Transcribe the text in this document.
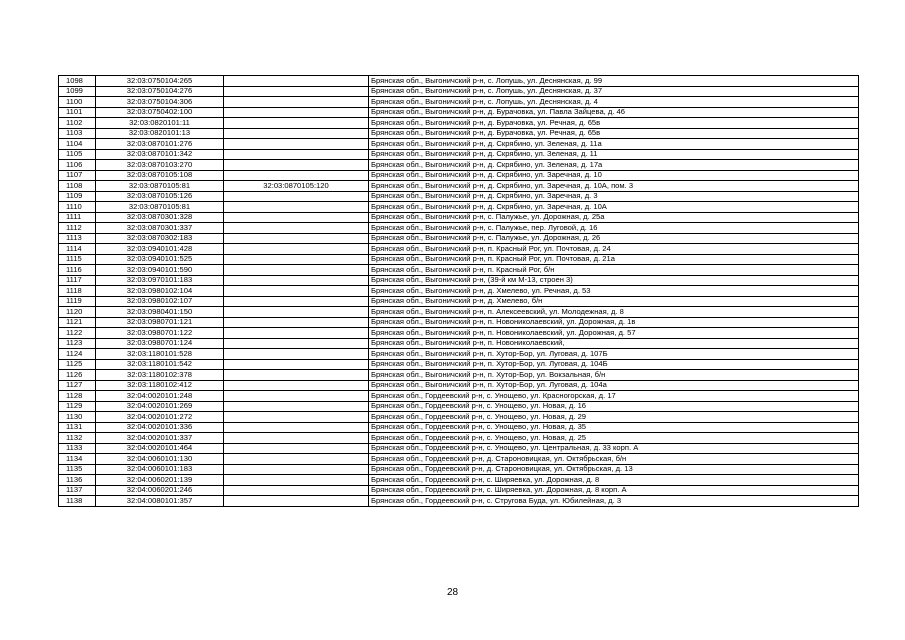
1098	32:03:0750104:265		Брянская обл., Выгоничский р-н, с. Лопушь, ул. Деснянская, д. 99
1099	32:03:0750104:276		Брянская обл., Выгоничский р-н, с. Лопушь, ул. Деснянская, д. 37
1100	32:03:0750104:306		Брянская обл., Выгоничский р-н, с. Лопушь, ул. Деснянская, д. 4
1101	32:03:0750402:100		Брянская обл., Выгоничский р-н, д. Бурачовка, ул. Павла Зайцева, д. 46
1102	32:03:0820101:11		Брянская обл., Выгоничский р-н, д. Бурачовка, ул. Речная, д. 65в
1103	32:03:0820101:13		Брянская обл., Выгоничский р-н, д. Бурачовка, ул. Речная, д. 65в
1104	32:03:0870101:276		Брянская обл., Выгоничский р-н, д. Скрябино, ул. Зеленая, д. 11а
1105	32:03:0870101:342		Брянская обл., Выгоничский р-н, д. Скрябино, ул. Зеленая, д. 11
1106	32:03:0870103:270		Брянская обл., Выгоничский р-н, д. Скрябино, ул. Зеленая, д. 17а
1107	32:03:0870105:108		Брянская обл., Выгоничский р-н, д. Скрябино, ул. Заречная, д. 10
1108	32:03:0870105:81	32:03:0870105:120	Брянская обл., Выгоничский р-н, д. Скрябино, ул. Заречная, д. 10А, пом. 3
1109	32:03:0870105:126		Брянская обл., Выгоничский р-н, д. Скрябино, ул. Заречная, д. 3
1110	32:03:0870105:81		Брянская обл., Выгоничский р-н, д. Скрябино, ул. Заречная, д. 10А
1111	32:03:0870301:328		Брянская обл., Выгоничский р-н, с. Палужье, ул. Дорожная, д. 25а
1112	32:03:0870301:337		Брянская обл., Выгоничский р-н, с. Палужье, пер. Луговой, д. 16
1113	32:03:0870302:183		Брянская обл., Выгоничский р-н, с. Палужье, ул. Дорожная, д. 26
1114	32:03:0940101:428		Брянская обл., Выгоничский р-н, п. Красный Рог, ул. Почтовая, д. 24
1115	32:03:0940101:525		Брянская обл., Выгоничский р-н, п. Красный Рог, ул. Почтовая, д. 21а
1116	32:03:0940101:590		Брянская обл., Выгоничский р-н, п. Красный Рог, б/н
1117	32:03:0970101:183		Брянская обл., Выгоничский р-н, (39-й км М-13, строен 3)
1118	32:03:0980102:104		Брянская обл., Выгоничский р-н, д. Хмелево, ул. Речная, д. 53
1119	32:03:0980102:107		Брянская обл., Выгоничский р-н, д. Хмелево, б/н
1120	32:03:0980401:150		Брянская обл., Выгоничский р-н, п. Алексеевский, ул. Молодежная, д. 8
1121	32:03:0980701:121		Брянская обл., Выгоничский р-н, п. Новониколаевский, ул. Дорожная, д. 1в
1122	32:03:0980701:122		Брянская обл., Выгоничский р-н, п. Новониколаевский, ул. Дорожная, д. 57
1123	32:03:0980701:124		Брянская обл., Выгоничский р-н, п. Новониколаевский,
1124	32:03:1180101:528		Брянская обл., Выгоничский р-н, п. Хутор-Бор, ул. Луговая, д. 107Б
1125	32:03:1180101:542		Брянская обл., Выгоничский р-н, п. Хутор-Бор, ул. Луговая, д. 104Б
1126	32:03:1180102:378		Брянская обл., Выгоничский р-н, п. Хутор-Бор, ул. Вокзальная, б/н
1127	32:03:1180102:412		Брянская обл., Выгоничский р-н, п. Хутор-Бор, ул. Луговая, д. 104а
1128	32:04:0020101:248		Брянская обл., Гордеевский р-н, с. Унощево, ул. Красногорская, д. 17
1129	32:04:0020101:269		Брянская обл., Гордеевский р-н, с. Унощево, ул. Новая, д. 16
1130	32:04:0020101:272		Брянская обл., Гордеевский р-н, с. Унощево, ул. Новая, д. 29
1131	32:04:0020101:336		Брянская обл., Гордеевский р-н, с. Унощево, ул. Новая, д. 35
1132	32:04:0020101:337		Брянская обл., Гордеевский р-н, с. Унощево, ул. Новая, д. 25
1133	32:04:0020101:464		Брянская обл., Гордеевский р-н, с. Унощево, ул. Центральная, д. 33 корп. А
1134	32:04:0060101:130		Брянская обл., Гордеевский р-н, д. Староновицкая, ул. Октябрьская, б/н
1135	32:04:0060101:183		Брянская обл., Гордеевский р-н, д. Староновицкая, ул. Октябрьская, д. 13
1136	32:04:0060201:139		Брянская обл., Гордеевский р-н, с. Ширяевка, ул. Дорожная, д. 8
1137	32:04:0060201:246		Брянская обл., Гордеевский р-н, с. Ширяевка, ул. Дорожная, д. 8 корп. А
1138	32:04:0080101:357		Брянская обл., Гордеевский р-н, с. Стругова Буда, ул. Юбилейная, д. 3
28
